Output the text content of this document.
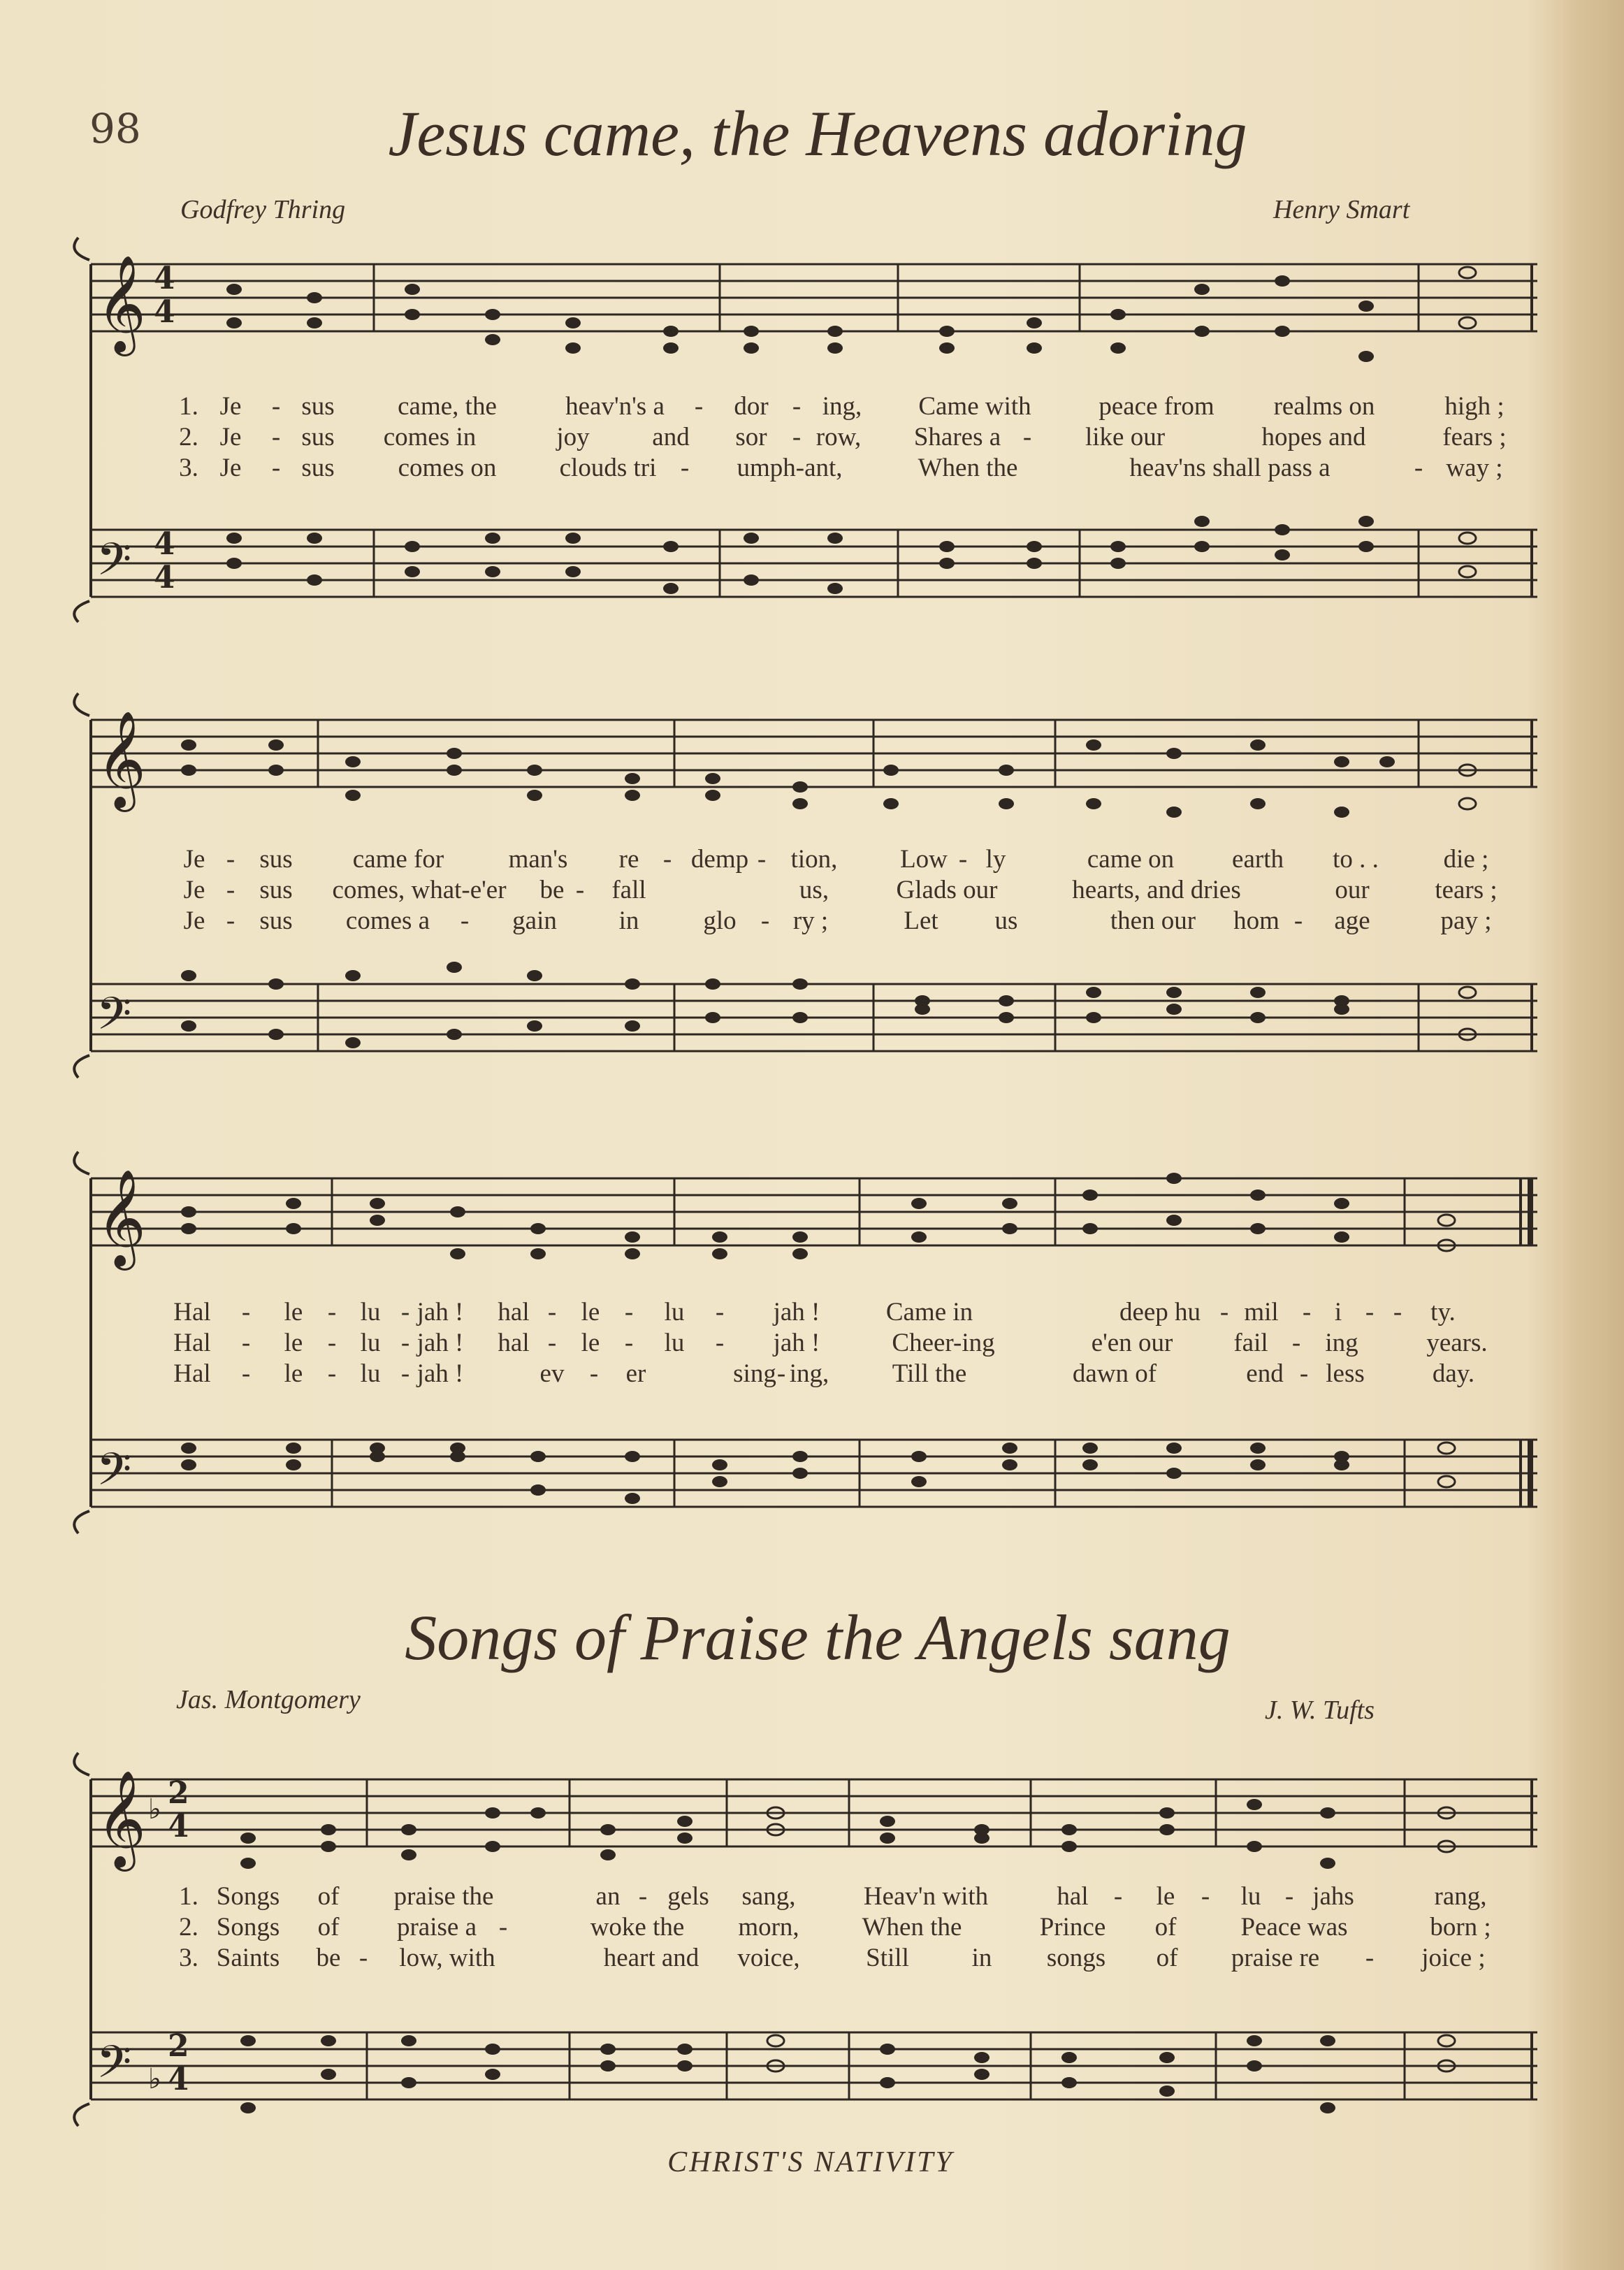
98	Jesus came, the Heavens adoring
Godfrey Thring	Henry Smart
𝄞
𝄢
4
4
4
4
1. Je - sus came, the	heav'n's a - dor - ing, Came with	peace from realms on	high ;
2. Je - sus comes in	joy and sor - row, Shares a - like our	hopes and	fears ;
3. Je - sus comes on clouds tri - umph-ant,	When the	heav'ns shall pass a	- way ;
𝄞
𝄢
Je - sus came for man's re - demp - tion, Low - ly	came on earth to . .	die ;
Je - sus comes, what-e'er be - fall	us,	Glads our	hearts, and dries	our	tears ;
Je - sus comes a - gain in glo - ry ;	Let us	then our hom - age	pay ;
𝄞
𝄢
Hal - le - lu - jah ! hal - le - lu - jah !	Came in	deep hu - mil - i - - ty.
Hal - le - lu - jah ! hal - le - lu - jah !	Cheer-ing	e'en our fail - ing	years.
Hal - le - lu - jah !	ev - er	sing - ing, Till the	dawn of	end - less	day.
Songs of Praise the Angels sang
Jas. Montgomery	J. W. Tufts
𝄞
𝄢
♭
♭
2
4
2
4
1. Songs of praise the	an - gels sang,	Heav'n with	hal - le - lu - jahs	rang,
2. Songs of praise a -	woke the morn, When the	Prince of Peace was	born ;
3. Saints be - low, with	heart and voice,	Still in songs of praise re - joice ;
CHRIST'S NATIVITY
